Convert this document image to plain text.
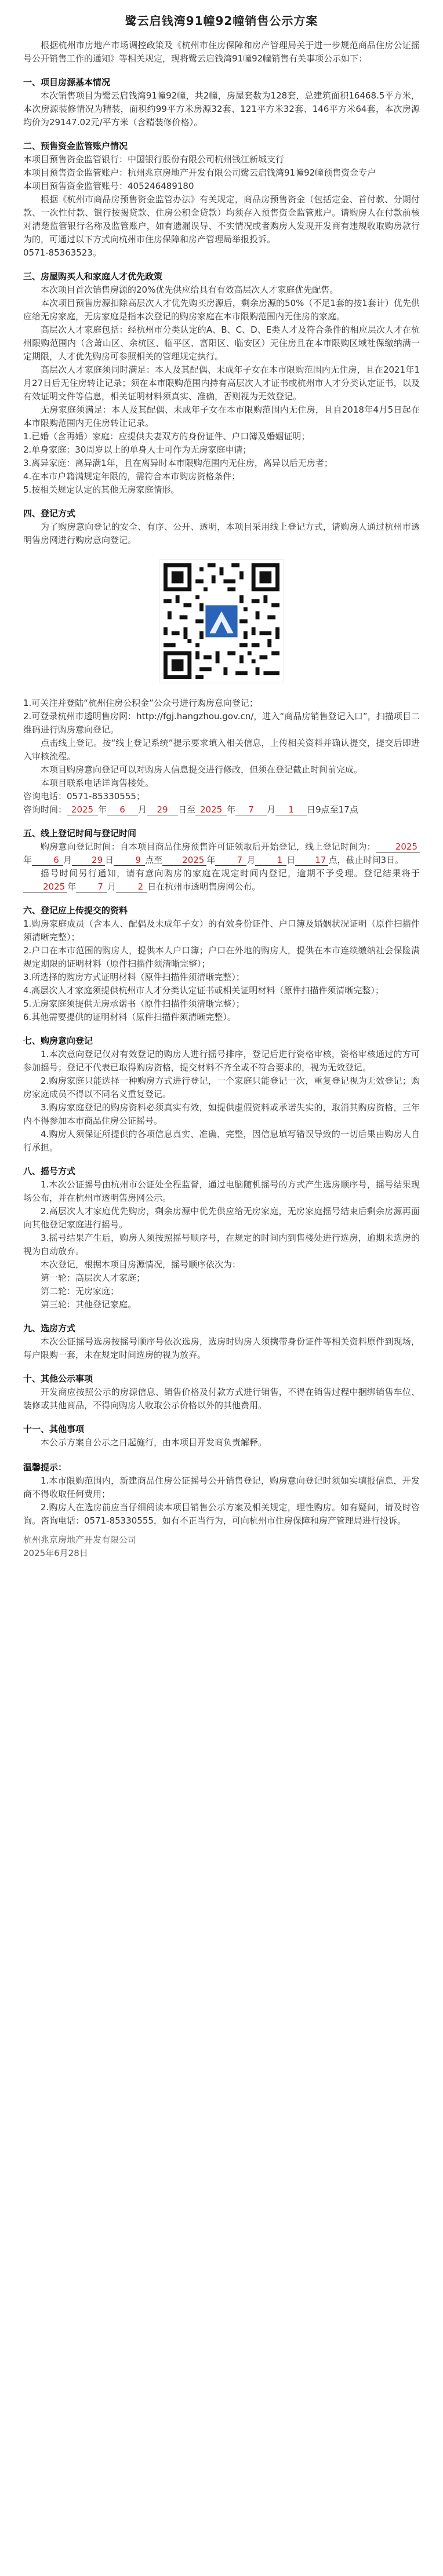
鹭云启钱湾91幢92幢销售公示方案

根据杭州市房地产市场调控政策及《杭州市住房保障和房产管理局关于进一步规范商品住房公证摇号公开销售工作的通知》等相关规定，现将鹭云启钱湾91幢92幢销售有关事项公示如下：

一、项目房源基本情况

本次销售项目为鹭云启钱湾91幢92幢，共2幢，房屋套数为128套，总建筑面积16468.5平方米，本次房源装修情况为精装，面积约99平方米房源32套、121平方米32套、146平方米64套，本次房源均价为29147.02元/平方米（含精装修价格）。

二、预售资金监管账户情况

本项目预售资金监管银行：中国银行股份有限公司杭州钱江新城支行

本项目预售资金监管账户：杭州兆京房地产开发有限公司鹭云启钱湾91幢92幢预售资金专户

本项目预售资金监管账号：405246489180

根据《杭州市商品房预售资金监管办法》有关规定，商品房预售资金（包括定金、首付款、分期付款、一次性付款、银行按揭贷款、住房公积金贷款）均须存入预售资金监管账户。请购房人在付款前核对清楚监管银行名称及监管账户，如有遗漏误导、不实情况或者购房人发现开发商有违规收取购房款行为的，可通过以下方式向杭州市住房保障和房产管理局举报投诉。

0571-85363523。

三、房屋购买人和家庭人才优先政策

本次项目首次销售房源的20%优先供应给具有有效高层次人才家庭优先配售。

本次项目预售房源扣除高层次人才优先购买房源后，剩余房源的50%（不足1套的按1套计）优先供应给无房家庭，无房家庭是指本次登记的购房家庭在本市限购范围内无住房的家庭。

高层次人才家庭包括：经杭州市分类认定的A、B、C、D、E类人才及符合条件的相应层次人才在杭州限购范围内（含萧山区、余杭区、临平区、富阳区、临安区）无住房且在本市限购区域社保缴纳满一定期限，人才优先购房可参照相关的管理规定执行。

高层次人才家庭须同时满足：本人及其配偶、未成年子女在本市限购范围内无住房，且在2021年1月27日后无住房转让记录；须在本市限购范围内持有高层次人才证书或杭州市人才分类认定证书，以及有效证明文件等信息，相关证明材料须真实、准确，否则视为无效登记。

无房家庭须满足：本人及其配偶、未成年子女在本市限购范围内无住房，且自2018年4月5日起在本市限购范围内无住房转让记录。

1.已婚（含再婚）家庭：应提供夫妻双方的身份证件、户口簿及婚姻证明；

2.单身家庭：30周岁以上的单身人士可作为无房家庭申请；

3.离异家庭：离异满1年，且在离异时本市限购范围内无住房，离异以后无房者；

4.在本市户籍满规定年限的，需符合本市购房资格条件；

5.按相关规定认定的其他无房家庭情形。

四、登记方式

为了购房意向登记的安全、有序、公开、透明，本项目采用线上登记方式，请购房人通过杭州市透明售房网进行购房意向登记。

1.可关注并登陆“杭州住房公积金”公众号进行购房意向登记；

2.可登录杭州市透明售房网：http://fgj.hangzhou.gov.cn/，进入“商品房销售登记入口”，扫描项目二维码进行购房意向登记。

点击线上登记。按“线上登记系统”提示要求填入相关信息，上传相关资料并确认提交，提交后即进入审核流程。

本项目购房意向登记可以对购房人信息提交进行修改，但须在登记截止时间前完成。

本项目联系电话详询售楼处。

咨询电话：0571-85330555；

咨询时间： 2025 年 6 月 29 日至 2025 年 7 月 1 日9点至17点

五、线上登记时间与登记时间

购房意向登记时间：自本项目商品住房预售许可证领取后开始登记，线上登记时间为： 2025年 6 月 29 日 9 点至 2025 年 7 月 1 日 17 点，截止时间3日。

摇号时间另行通知，请有意向购房的家庭在规定时间内登记，逾期不予受理。登记结果将于2025 年 7 月 2 日在杭州市透明售房网公布。

六、登记应上传提交的资料

1.购房家庭成员（含本人、配偶及未成年子女）的有效身份证件、户口簿及婚姻状况证明（原件扫描件须清晰完整）；

2.户口在本市范围的购房人，提供本人户口簿；户口在外地的购房人，提供在本市连续缴纳社会保险满规定期限的证明材料（原件扫描件须清晰完整）；

3.所选择的购房方式证明材料（原件扫描件须清晰完整）；

4.高层次人才家庭须提供杭州市人才分类认定证书或相关证明材料（原件扫描件须清晰完整）；

5.无房家庭须提供无房承诺书（原件扫描件须清晰完整）；

6.其他需要提供的证明材料（原件扫描件须清晰完整）。

七、购房意向登记

1.本次意向登记仅对有效登记的购房人进行摇号排序，登记后进行资格审核，资格审核通过的方可参加摇号；登记不代表已取得购房资格，提交材料不齐全或不符合要求的，视为无效登记。

2.购房家庭只能选择一种购房方式进行登记，一个家庭只能登记一次，重复登记视为无效登记；购房家庭成员不得以不同名义重复登记。

3.购房家庭登记的购房资料必须真实有效，如提供虚假资料或承诺失实的，取消其购房资格，三年内不得参加本市商品住房公证摇号。

4.购房人须保证所提供的各项信息真实、准确、完整，因信息填写错误导致的一切后果由购房人自行承担。

八、摇号方式

1.本次公证摇号由杭州市公证处全程监督，通过电脑随机摇号的方式产生选房顺序号，摇号结果现场公布，并在杭州市透明售房网公示。

2.高层次人才家庭优先购房，剩余房源中优先供应给无房家庭，无房家庭摇号结束后剩余房源再面向其他登记家庭进行摇号。

3.摇号结果产生后，购房人须按照摇号顺序号，在规定的时间内到售楼处进行选房，逾期未选房的视为自动放弃。

本次登记，根据本项目房源情况，摇号顺序依次为：

第一轮：高层次人才家庭；

第二轮：无房家庭；

第三轮：其他登记家庭。

九、选房方式

本次公证摇号选房按摇号顺序号依次选房，选房时购房人须携带身份证件等相关资料原件到现场，每户限购一套，未在规定时间选房的视为放弃。

十、其他公示事项

开发商应按照公示的房源信息、销售价格及付款方式进行销售，不得在销售过程中捆绑销售车位、装修或其他商品，不得向购房人收取公示价格以外的其他费用。

十一、其他事项

本公示方案自公示之日起施行，由本项目开发商负责解释。

温馨提示：

1.本市限购范围内，新建商品住房公证摇号公开销售登记，购房意向登记时须如实填报信息，开发商不得收取任何费用；

2.购房人在选房前应当仔细阅读本项目销售公示方案及相关规定，理性购房。如有疑问，请及时咨询。咨询电话：0571-85330555，如有不正当行为，可向杭州市住房保障和房产管理局进行投诉。

杭州兆京房地产开发有限公司

2025年6月28日
